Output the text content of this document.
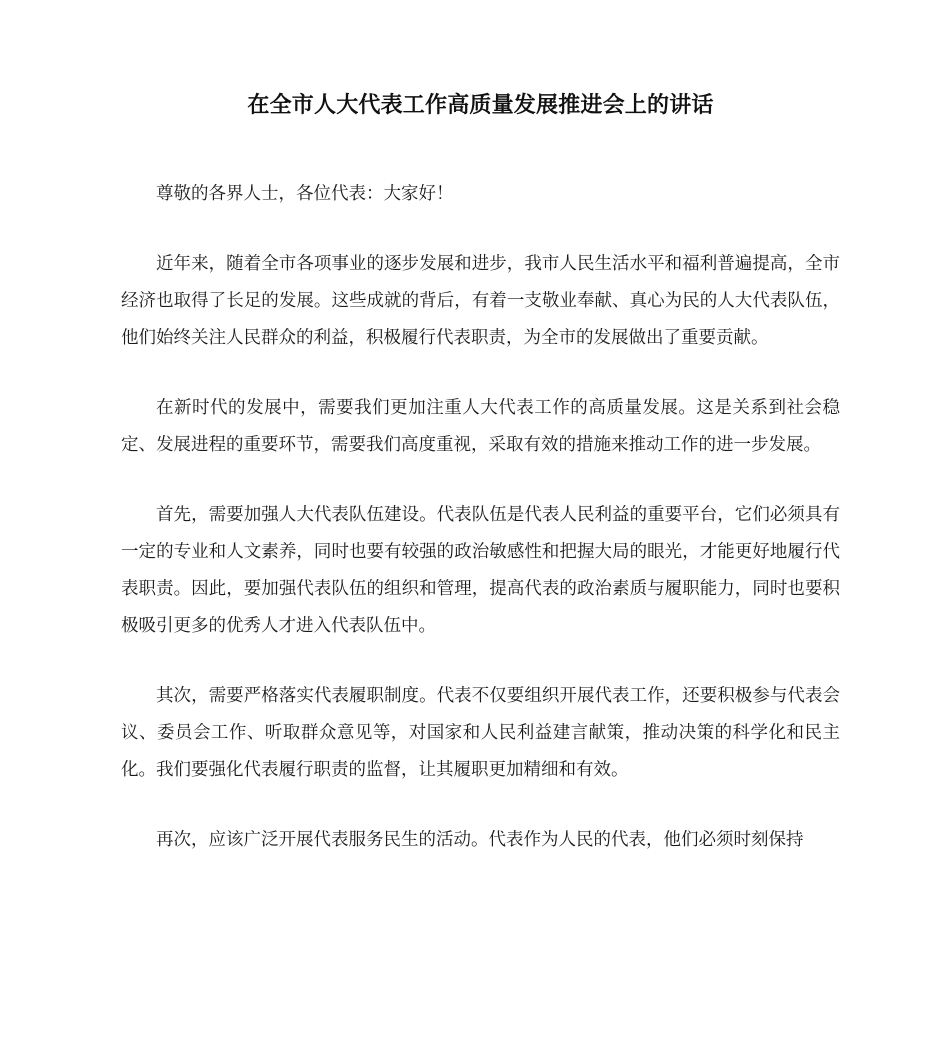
在全市人大代表工作高质量发展推进会上的讲话

尊敬的各界人士，各位代表：大家好！

近年来，随着全市各项事业的逐步发展和进步，我市人民生活水平和福利普遍提高，全市经济也取得了长足的发展。这些成就的背后，有着一支敬业奉献、真心为民的人大代表队伍，他们始终关注人民群众的利益，积极履行代表职责，为全市的发展做出了重要贡献。

在新时代的发展中，需要我们更加注重人大代表工作的高质量发展。这是关系到社会稳定、发展进程的重要环节，需要我们高度重视，采取有效的措施来推动工作的进一步发展。

首先，需要加强人大代表队伍建设。代表队伍是代表人民利益的重要平台，它们必须具有一定的专业和人文素养，同时也要有较强的政治敏感性和把握大局的眼光，才能更好地履行代表职责。因此，要加强代表队伍的组织和管理，提高代表的政治素质与履职能力，同时也要积极吸引更多的优秀人才进入代表队伍中。

其次，需要严格落实代表履职制度。代表不仅要组织开展代表工作，还要积极参与代表会议、委员会工作、听取群众意见等，对国家和人民利益建言献策，推动决策的科学化和民主化。我们要强化代表履行职责的监督，让其履职更加精细和有效。

再次，应该广泛开展代表服务民生的活动。代表作为人民的代表，他们必须时刻保持
